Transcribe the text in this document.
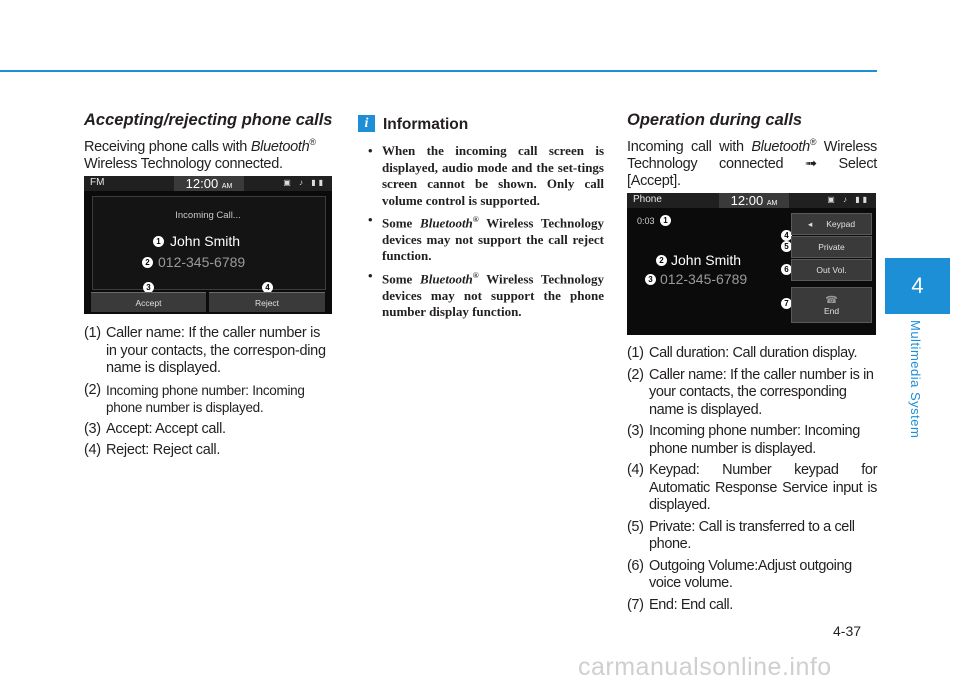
Accepting/rejecting phone calls
Receiving phone calls with Bluetooth®
Wireless Technology connected.
FM	12:00 AM	▣ ♪ ▮▮
Incoming Call...
1 John Smith
2 012-345-6789
3	4
Accept	Reject
(1) Caller name: If the caller number is in your contacts, the correspon-ding name is displayed.
(2) Incoming phone number: Incoming phone number is displayed.
(3) Accept: Accept call.
(4) Reject: Reject call.
i Information
• When the incoming call screen is displayed, audio mode and the set-tings screen cannot be shown. Only call volume control is supported.
• Some Bluetooth® Wireless Technology devices may not support the call reject function.
• Some Bluetooth® Wireless Technology devices may not support the phone number display function.
Operation during calls
Incoming call with Bluetooth® Wireless Technology connected ➟ Select [Accept].
Phone	12:00 AM	▣ ♪ ▮▮
0:03	1
2 John Smith
3 012-345-6789
4
◂ Keypad
5	Private
6	Out Vol.
7	☎
End
(1) Call duration: Call duration display.
(2) Caller name: If the caller number is in your contacts, the corresponding name is displayed.
(3) Incoming phone number: Incoming phone number is displayed.
(4) Keypad: Number keypad for Automatic Response Service input is displayed.
(5) Private: Call is transferred to a cell phone.
(6) Outgoing Volume:Adjust outgoing voice volume.
(7) End: End call.
4
Multimedia System
4-37
carmanualsonline.info
